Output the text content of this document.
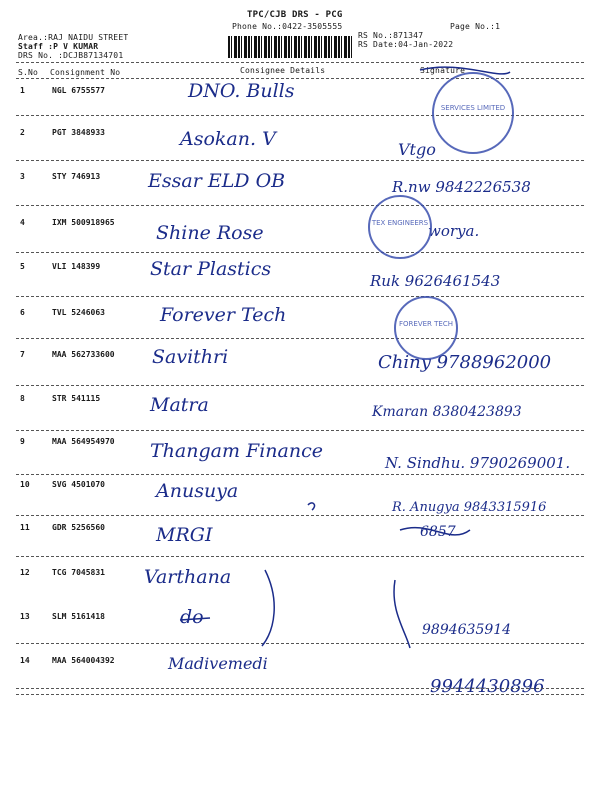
TPC/CJB DRS - PCG
Phone No.:0422-3505555	Page No.:1
Area.:RAJ NAIDU STREET
Staff :P V KUMAR
DRS No. :DCJB87134701
RS No.:871347
RS Date:04-Jan-2022
S.No Consignment No	Consignee Details	Signature
1	NGL 6755577	DNO. Bulls
2	PGT 3848933	Asokan. V	Vtgo
3	STY 746913	Essar ELD OB	R.nw 9842226538
4	IXM 500918965 Shine Rose	worya.
5	VLI 148399	Star Plastics
Ruk 9626461543
6	TVL 5246063	Forever Tech
7	MAA 562733600 Savithri	Chiny 9788962000
8	STR 541115	Matra	Kmaran 8380423893
9	MAA 564954970 Thangam Finance
N. Sindhu. 9790269001.
10	SVG 4501070	Anusuya
R. Anugya 9843315916
11	GDR 5256560	MRGI	6857
12	TCG 7045831 Varthana
13	SLM 5161418	do
9894635914
14	MAA 564004392	Madivemedi
9944430896
SERVICES LIMITED
TEX ENGINEERS
FOREVER TECH
